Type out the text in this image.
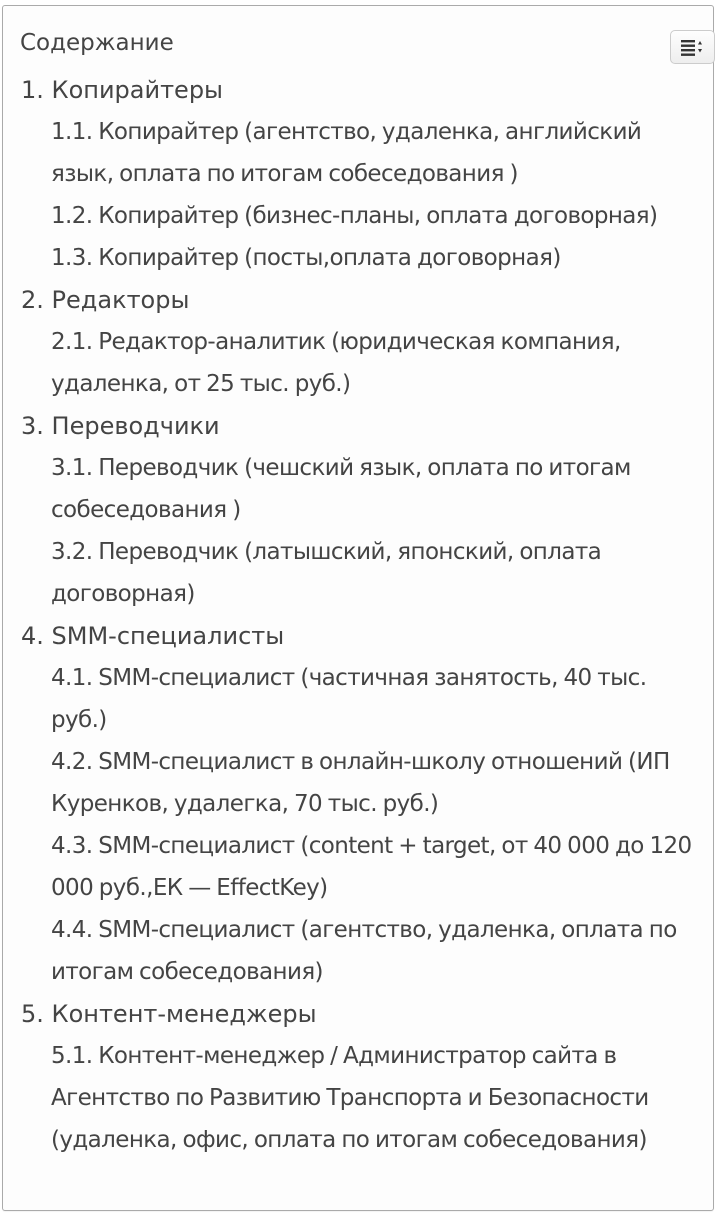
Содержание
1. Копирайтеры
1.1. Копирайтер (агентство, удаленка, английский язык, оплата по итогам собеседования )
1.2. Копирайтер (бизнес-планы, оплата договорная)
1.3. Копирайтер (посты,оплата договорная)
2. Редакторы
2.1. Редактор-аналитик (юридическая компания, удаленка, от 25 тыс. руб.)
3. Переводчики
3.1. Переводчик (чешский язык, оплата по итогам собеседования )
3.2. Переводчик (латышский, японский, оплата договорная)
4. SMM-специалисты
4.1. SMM-специалист (частичная занятость, 40 тыс. руб.)
4.2. SMM-специалист в онлайн-школу отношений (ИП Куренков, удалегка, 70 тыс. руб.)
4.3. SMM-специалист (content + target, от 40 000 до 120 000 руб.,ЕК — EffectKey)
4.4. SMM-специалист (агентство, удаленка, оплата по итогам собеседования)
5. Контент-менеджеры
5.1. Контент-менеджер / Администратор сайта в Агентство по Развитию Транспорта и Безопасности (удаленка, офис, оплата по итогам собеседования)
